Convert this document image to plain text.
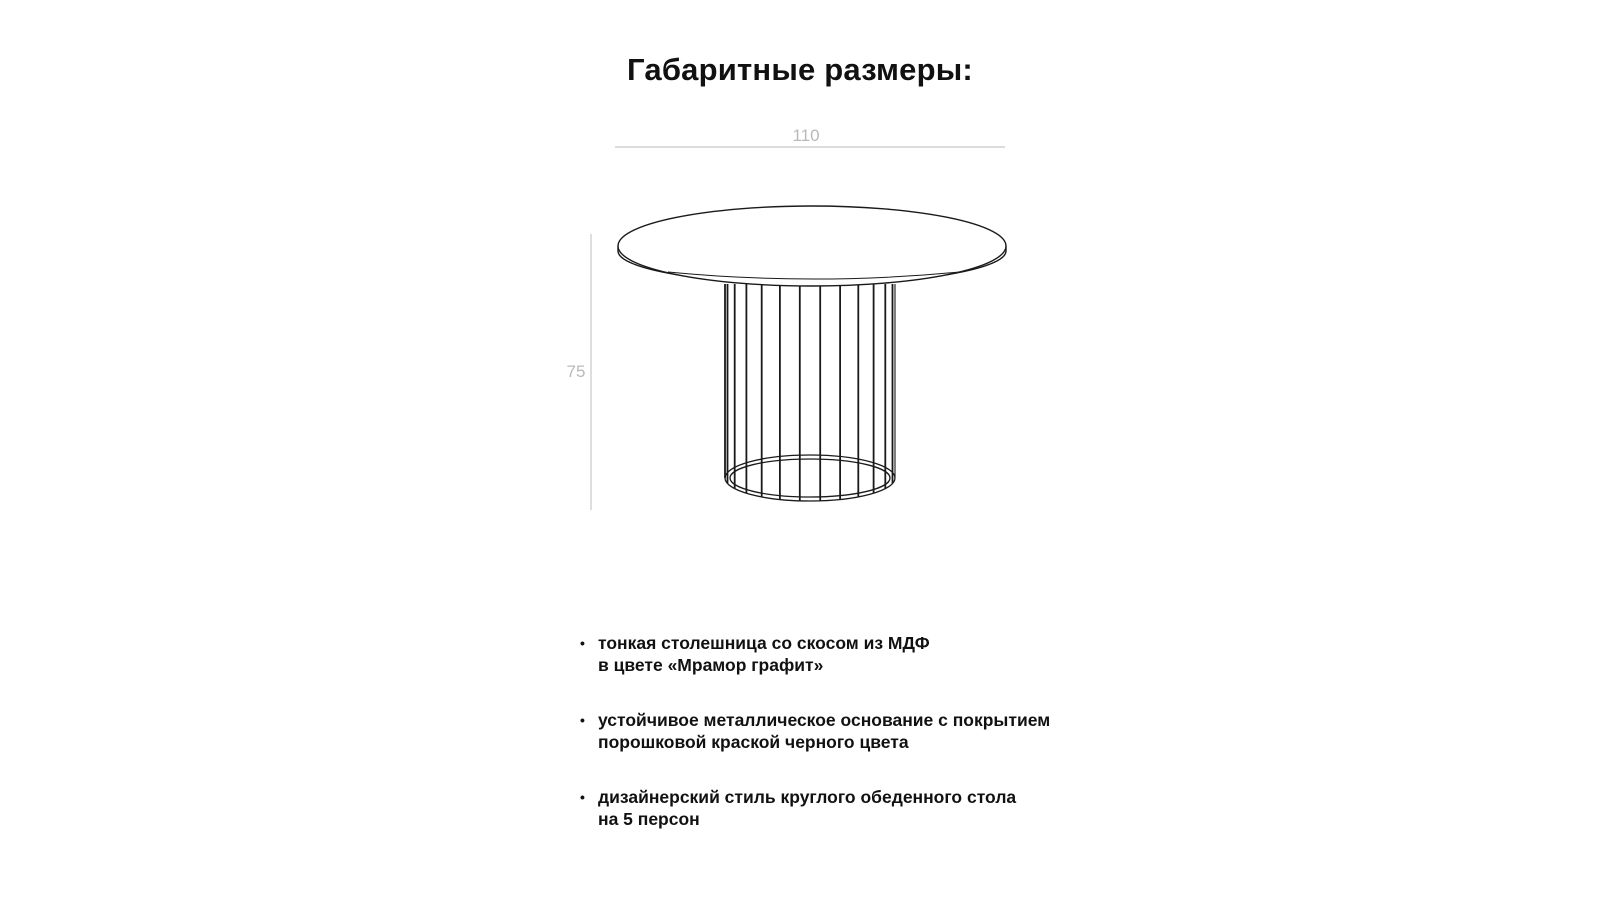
Габаритные размеры:
110
75
• тонкая столешница со скосом из МДФ
в цвете «Мрамор графит»
• устойчивое металлическое основание с покрытием
порошковой краской черного цвета
• дизайнерский стиль круглого обеденного стола
на 5 персон
